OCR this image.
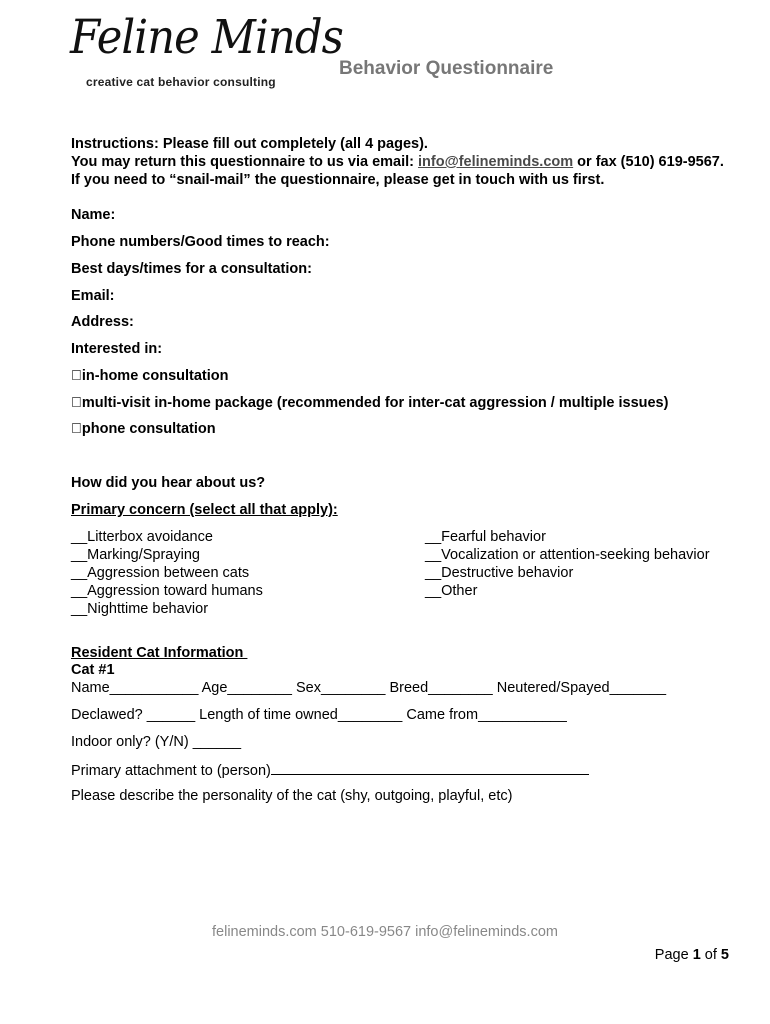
Feline Minds
creative cat behavior consulting
Behavior Questionnaire
Instructions: Please fill out completely (all 4 pages).
You may return this questionnaire to us via email: info@felineminds.com or fax (510) 619-9567. If you need to “snail-mail” the questionnaire, please get in touch with us first.
Name:
Phone numbers/Good times to reach:
Best days/times for a consultation:
Email:
Address:
Interested in:
in-home consultation
multi-visit in-home package (recommended for inter-cat aggression / multiple issues)
phone consultation
How did you hear about us?
Primary concern (select all that apply):
__Litterbox avoidance
__Marking/Spraying
__Aggression between cats
__Aggression toward humans
__Nighttime behavior
__Fearful behavior
__Vocalization or attention-seeking behavior
__Destructive behavior
__Other
Resident Cat Information
Cat #1
Name___________ Age________ Sex________ Breed________ Neutered/Spayed_______
Declawed? ______ Length of time owned________ Came from___________
Indoor only? (Y/N) ______
Primary attachment to (person)
Please describe the personality of the cat (shy, outgoing, playful, etc)
felineminds.com 510-619-9567 info@felineminds.com
Page 1 of 5
